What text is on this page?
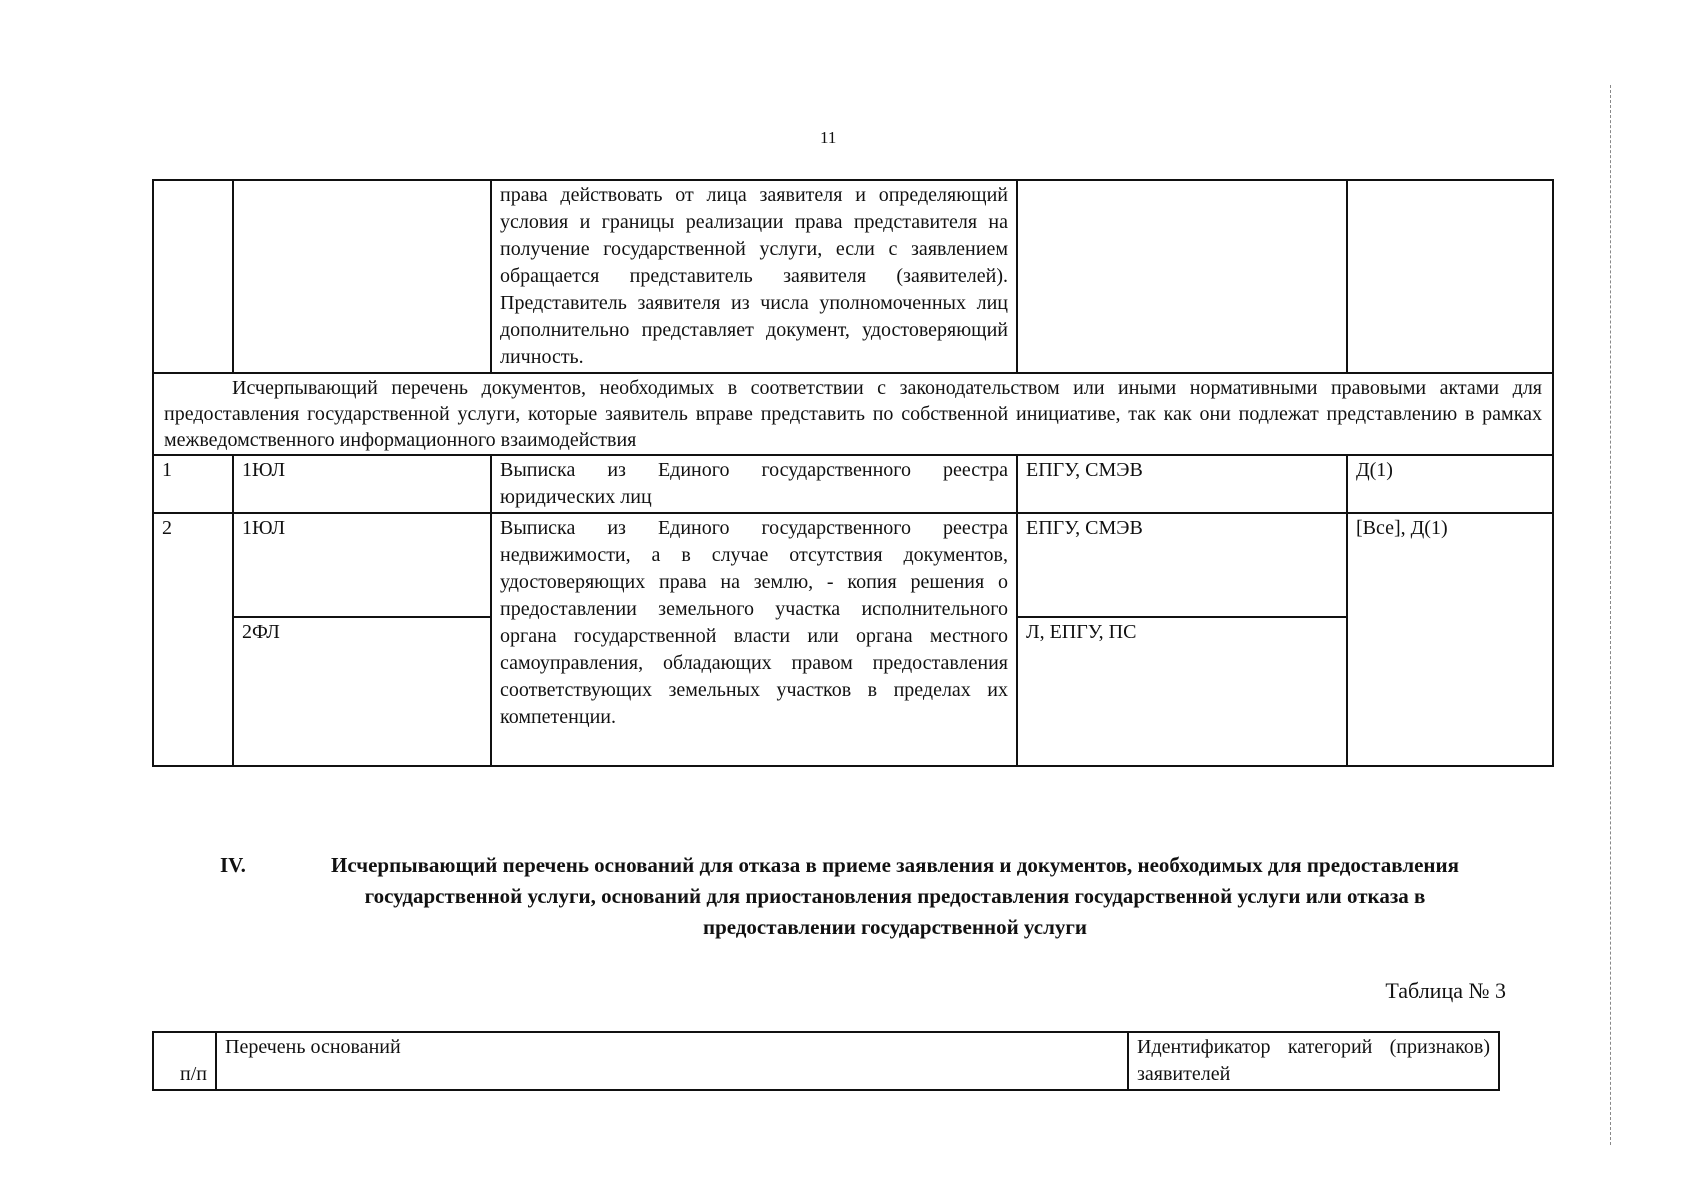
11
		права действовать от лица заявителя и определяющий условия и границы реализации права представителя на получение государственной услуги, если с заявлением обращается представитель заявителя (заявителей). Представитель заявителя из числа уполномоченных лиц дополнительно представляет документ, удостоверяющий личность.		
Исчерпывающий перечень документов, необходимых в соответствии с законодательством или иными нормативными правовыми актами для предоставления государственной услуги, которые заявитель вправе представить по собственной инициативе, так как они подлежат представлению в рамках межведомственного информационного взаимодействия				
1	1ЮЛ	Выписка из Единого государственного реестра юридических лиц	ЕПГУ, СМЭВ	Д(1)
2	1ЮЛ	Выписка из Единого государственного реестра недвижимости, а в случае отсутствия документов, удостоверяющих права на землю, - копия решения о предоставлении земельного участка исполнительного органа государственной власти или органа местного самоуправления, обладающих правом предоставления соответствующих земельных участков в пределах их компетенции.	ЕПГУ, СМЭВ	[Все], Д(1)
	2ФЛ		Л, ЕПГУ, ПС	
IV.	Исчерпывающий перечень оснований для отказа в приеме заявления и документов, необходимых для предоставления государственной услуги, оснований для приостановления предоставления государственной услуги или отказа в предоставлении государственной услуги
Таблица № 3
п/п	Перечень оснований	Идентификатор категорий (признаков) заявителей
